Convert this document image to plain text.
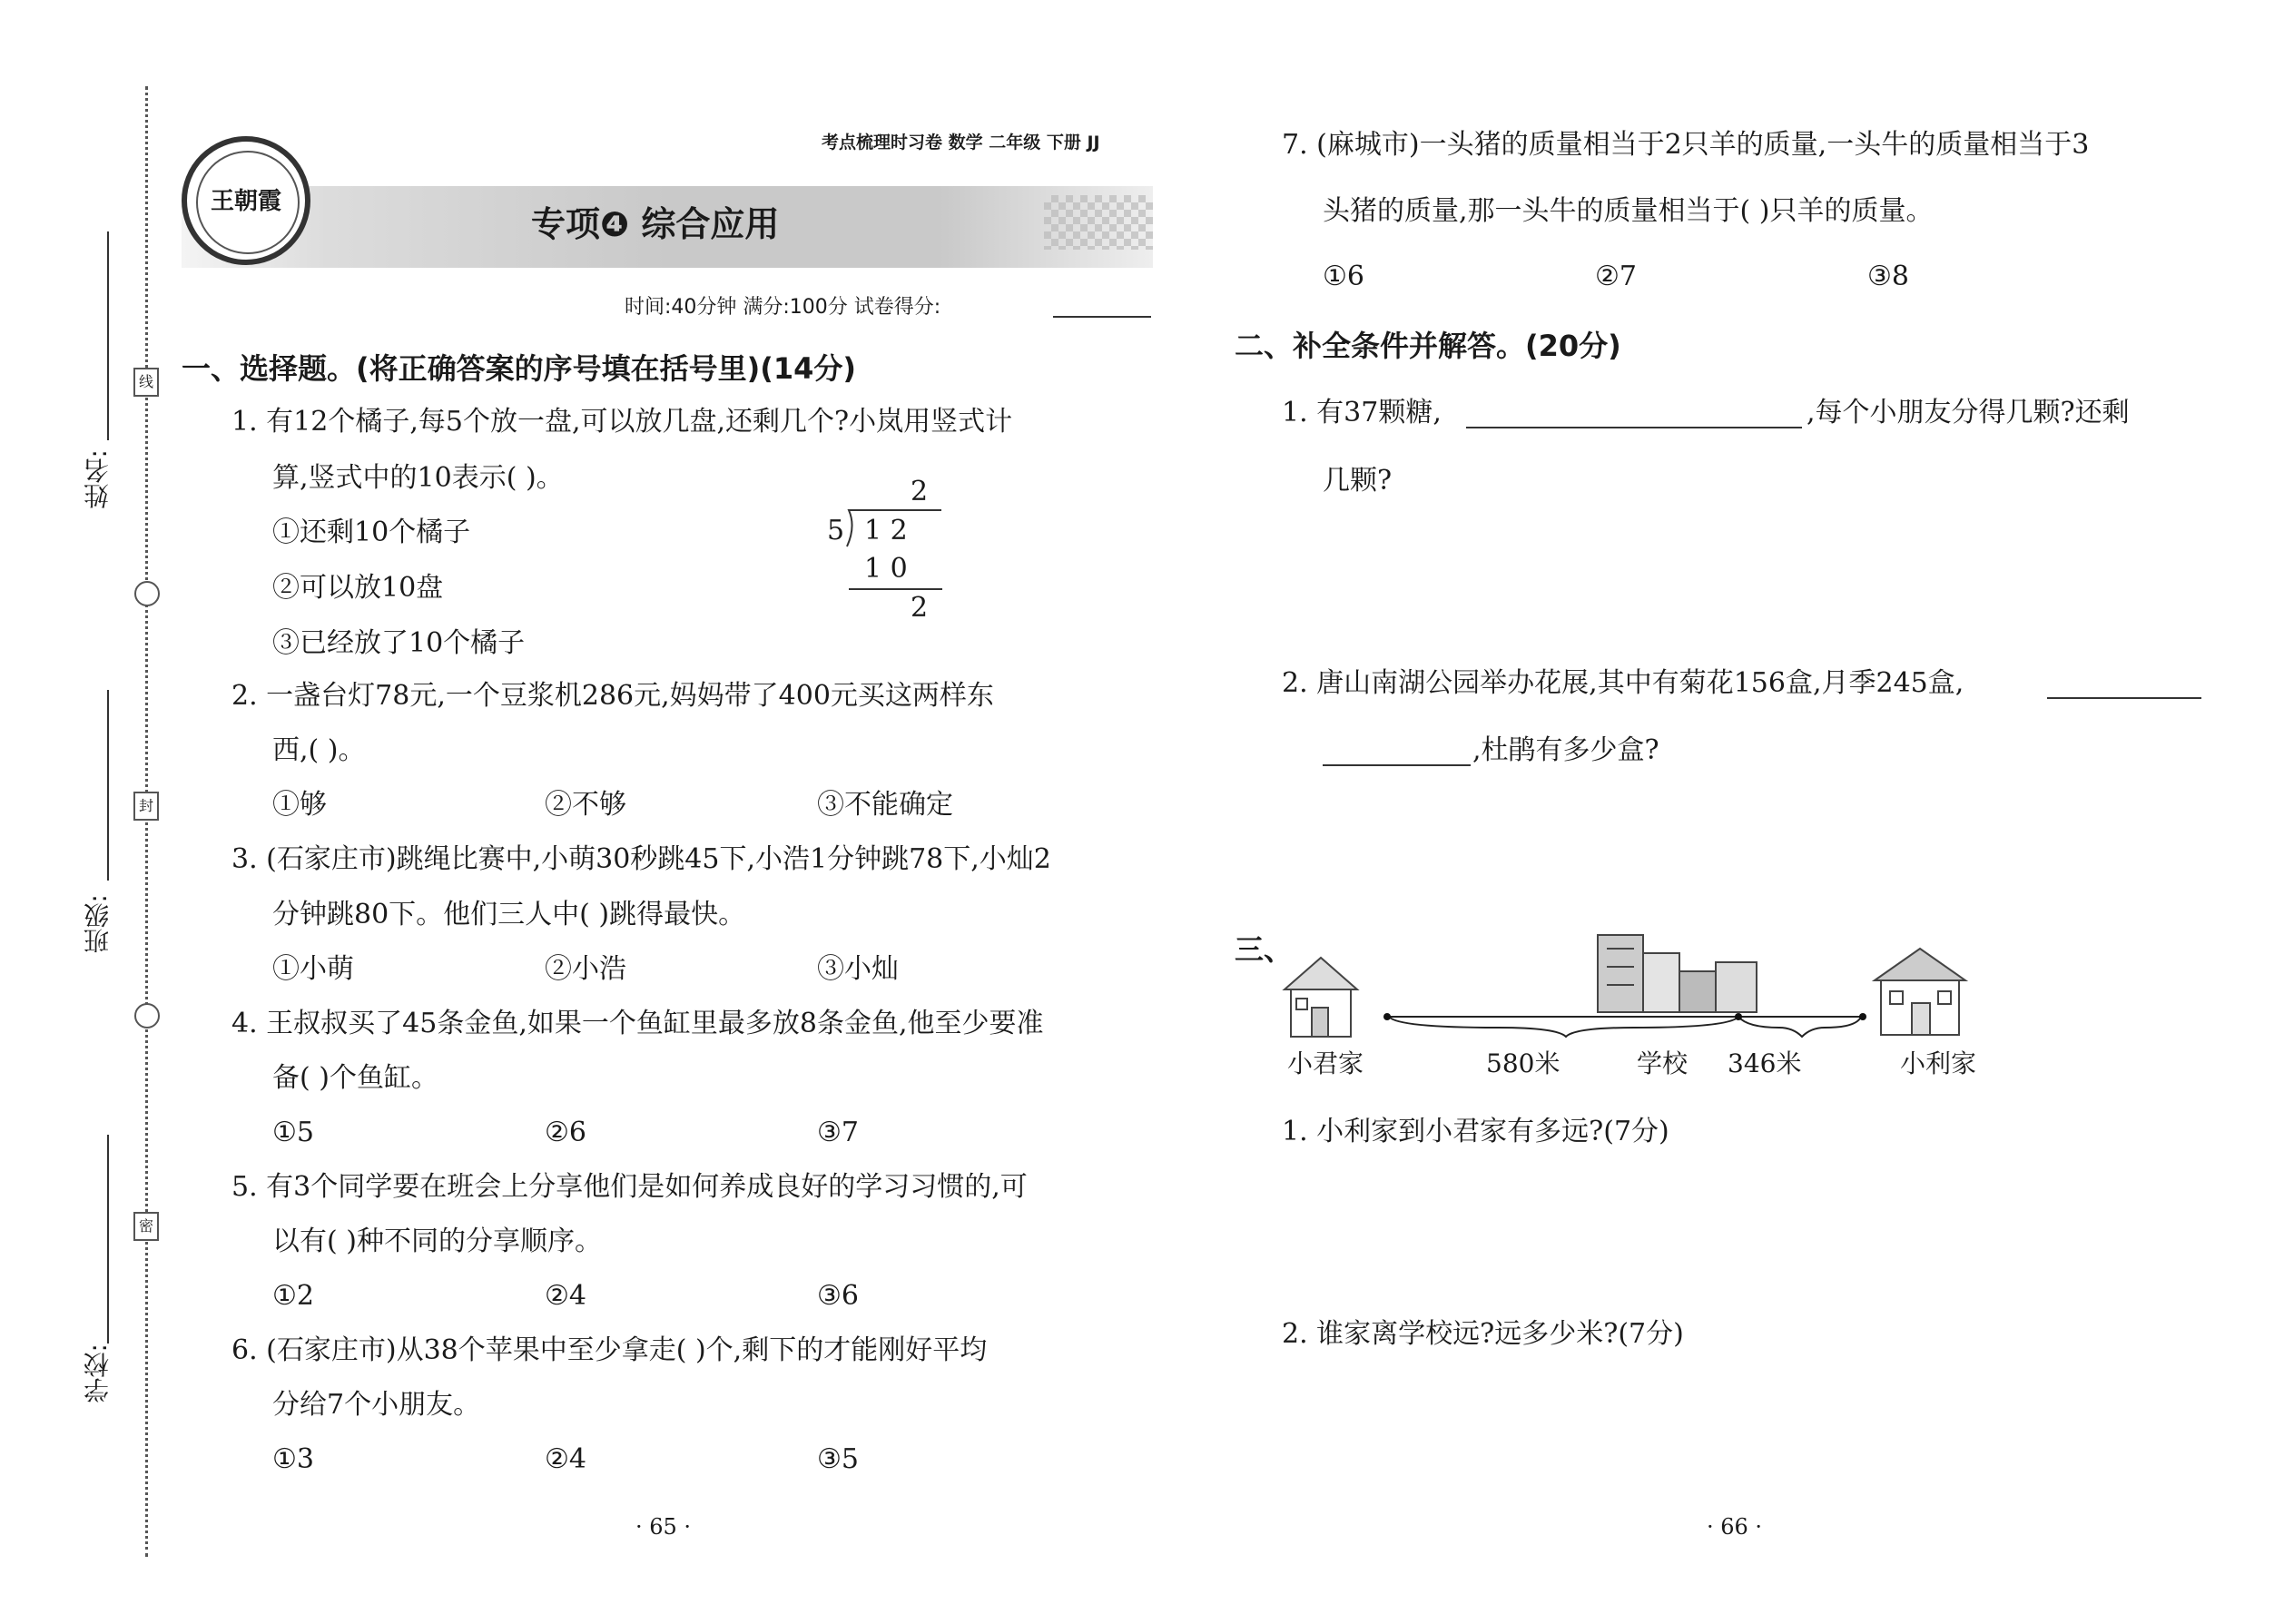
姓名:
班级:
学校:
线
封
密
王朝霞
考点梳理时习卷 数学 二年级 下册 JJ
专项❹ 综合应用
时间:40分钟 满分:100分 试卷得分:
一、选择题。(将正确答案的序号填在括号里)(14分)
1. 有12个橘子,每5个放一盘,可以放几盘,还剩几个?小岚用竖式计
算,竖式中的10表示( )。
①还剩10个橘子
②可以放10盘
③已经放了10个橘子
2
5 1 2
1 0
2
2. 一盏台灯78元,一个豆浆机286元,妈妈带了400元买这两样东
西,( )。
①够	②不够	③不能确定
3. (石家庄市)跳绳比赛中,小萌30秒跳45下,小浩1分钟跳78下,小灿2
分钟跳80下。他们三人中( )跳得最快。
①小萌	②小浩	③小灿
4. 王叔叔买了45条金鱼,如果一个鱼缸里最多放8条金鱼,他至少要准
备( )个鱼缸。
①5	②6	③7
5. 有3个同学要在班会上分享他们是如何养成良好的学习习惯的,可
以有( )种不同的分享顺序。
①2	②4	③6
6. (石家庄市)从38个苹果中至少拿走( )个,剩下的才能刚好平均
分给7个小朋友。
①3	②4	③5
· 65 ·
7. (麻城市)一头猪的质量相当于2只羊的质量,一头牛的质量相当于3
头猪的质量,那一头牛的质量相当于( )只羊的质量。
①6	②7	③8
二、补全条件并解答。(20分)
1. 有37颗糖,	,每个小朋友分得几颗?还剩
几颗?
2. 唐山南湖公园举办花展,其中有菊花156盒,月季245盒,
,杜鹃有多少盒?
三、
小君家	580米	学校 346米	小利家
1. 小利家到小君家有多远?(7分)
2. 谁家离学校远?远多少米?(7分)
· 66 ·
